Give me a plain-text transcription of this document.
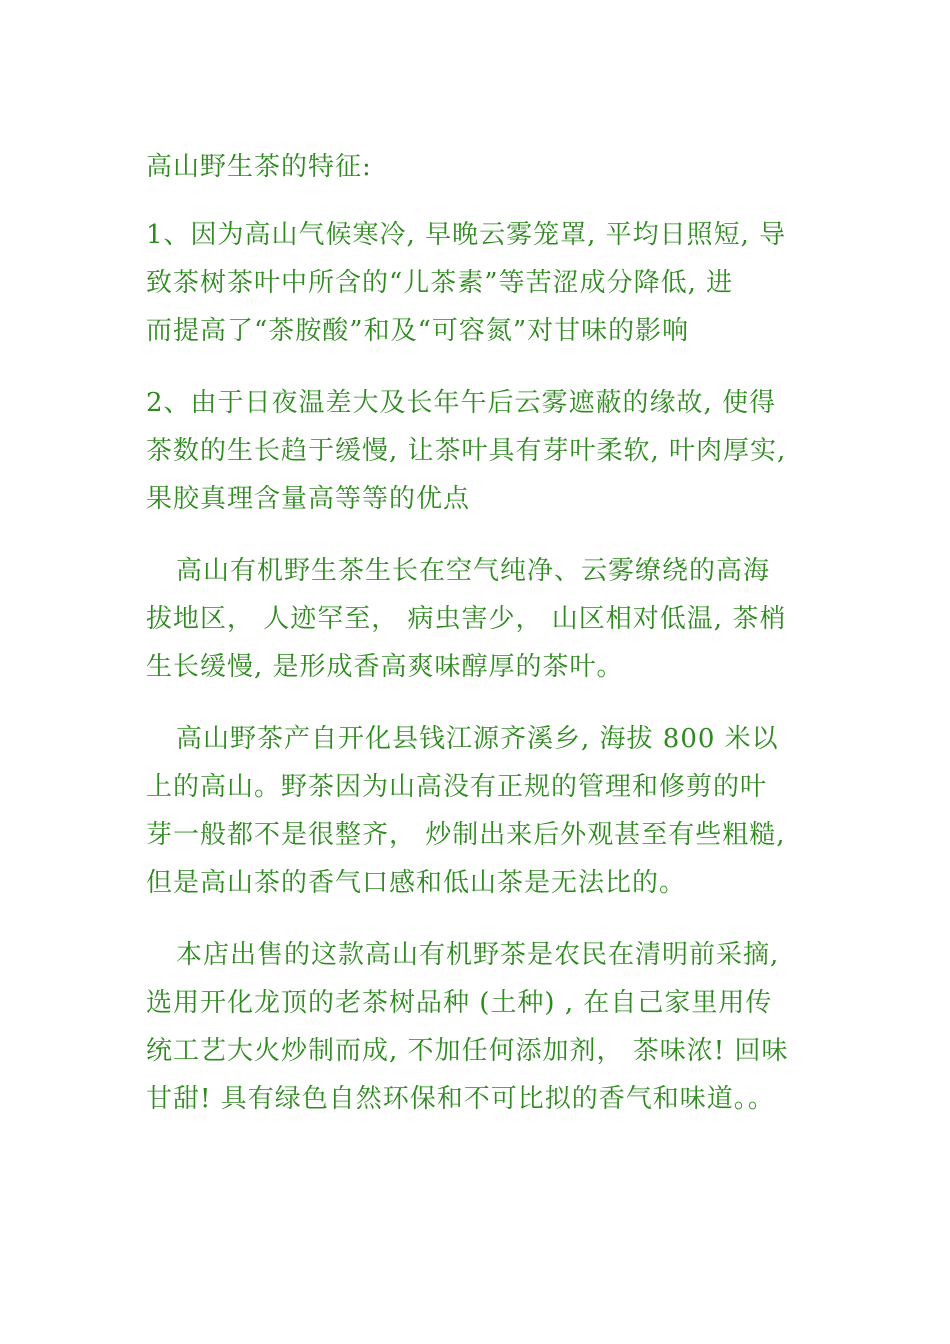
高山野生茶的特征:

1、因为高山气候寒冷, 早晚云雾笼罩, 平均日照短, 导
致茶树茶叶中所含的“儿茶素”等苦涩成分降低, 进
而提高了“茶胺酸”和及“可容氮”对甘味的影响

2、由于日夜温差大及长年午后云雾遮蔽的缘故, 使得
茶数的生长趋于缓慢, 让茶叶具有芽叶柔软, 叶肉厚实,
果胶真理含量高等等的优点

高山有机野生茶生长在空气纯净、云雾缭绕的高海
拔地区， 人迹罕至， 病虫害少， 山区相对低温, 茶梢
生长缓慢, 是形成香高爽味醇厚的茶叶。

高山野茶产自开化县钱江源齐溪乡, 海拔 800 米以
上的高山。野茶因为山高没有正规的管理和修剪的叶
芽一般都不是很整齐， 炒制出来后外观甚至有些粗糙,
但是高山茶的香气口感和低山茶是无法比的。

本店出售的这款高山有机野茶是农民在清明前采摘,
选用开化龙顶的老茶树品种 (土种) , 在自己家里用传
统工艺大火炒制而成, 不加任何添加剂， 茶味浓! 回味
甘甜! 具有绿色自然环保和不可比拟的香气和味道。。
